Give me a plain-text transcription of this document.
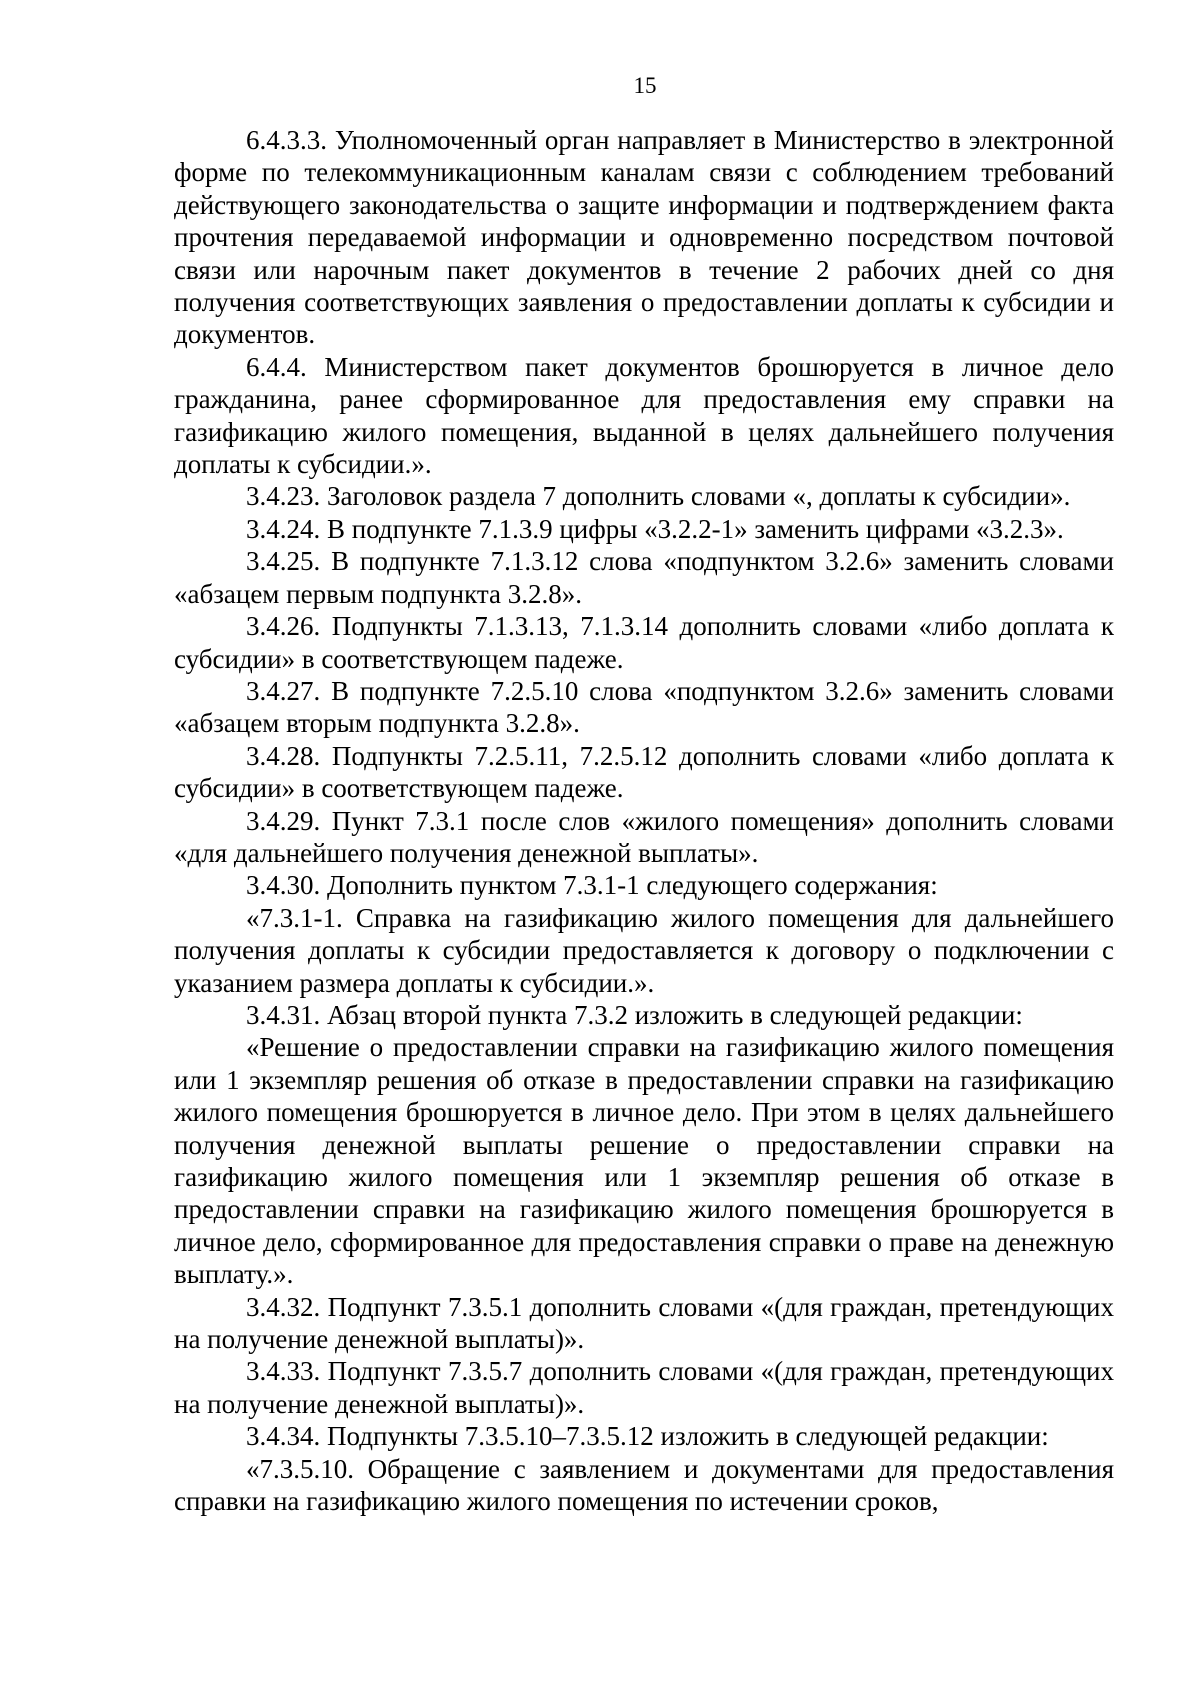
15

6.4.3.3. Уполномоченный орган направляет в Министерство в электронной форме по телекоммуникационным каналам связи с соблюдением требований действующего законодательства о защите информации и подтверждением факта прочтения передаваемой информации и одновременно посредством почтовой связи или нарочным пакет документов в течение 2 рабочих дней со дня получения соответствующих заявления о предоставлении доплаты к субсидии и документов.

6.4.4. Министерством пакет документов брошюруется в личное дело гражданина, ранее сформированное для предоставления ему справки на газификацию жилого помещения, выданной в целях дальнейшего получения доплаты к субсидии.».

3.4.23. Заголовок раздела 7 дополнить словами «, доплаты к субсидии».

3.4.24. В подпункте 7.1.3.9 цифры «3.2.2-1» заменить цифрами «3.2.3».

3.4.25. В подпункте 7.1.3.12 слова «подпунктом 3.2.6» заменить словами «абзацем первым подпункта 3.2.8».

3.4.26. Подпункты 7.1.3.13, 7.1.3.14 дополнить словами «либо доплата к субсидии» в соответствующем падеже.

3.4.27. В подпункте 7.2.5.10 слова «подпунктом 3.2.6» заменить словами «абзацем вторым подпункта 3.2.8».

3.4.28. Подпункты 7.2.5.11, 7.2.5.12 дополнить словами «либо доплата к субсидии» в соответствующем падеже.

3.4.29. Пункт 7.3.1 после слов «жилого помещения» дополнить словами «для дальнейшего получения денежной выплаты».

3.4.30. Дополнить пунктом 7.3.1-1 следующего содержания:

«7.3.1-1. Справка на газификацию жилого помещения для дальнейшего получения доплаты к субсидии предоставляется к договору о подключении с указанием размера доплаты к субсидии.».

3.4.31. Абзац второй пункта 7.3.2 изложить в следующей редакции:

«Решение о предоставлении справки на газификацию жилого помещения или 1 экземпляр решения об отказе в предоставлении справки на газификацию жилого помещения брошюруется в личное дело. При этом в целях дальнейшего получения денежной выплаты решение о предоставлении справки на газификацию жилого помещения или 1 экземпляр решения об отказе в предоставлении справки на газификацию жилого помещения брошюруется в личное дело, сформированное для предоставления справки о праве на денежную выплату.».

3.4.32. Подпункт 7.3.5.1 дополнить словами «(для граждан, претендующих на получение денежной выплаты)».

3.4.33. Подпункт 7.3.5.7 дополнить словами «(для граждан, претендующих на получение денежной выплаты)».

3.4.34. Подпункты 7.3.5.10–7.3.5.12 изложить в следующей редакции:

«7.3.5.10. Обращение с заявлением и документами для предоставления справки на газификацию жилого помещения по истечении сроков,
